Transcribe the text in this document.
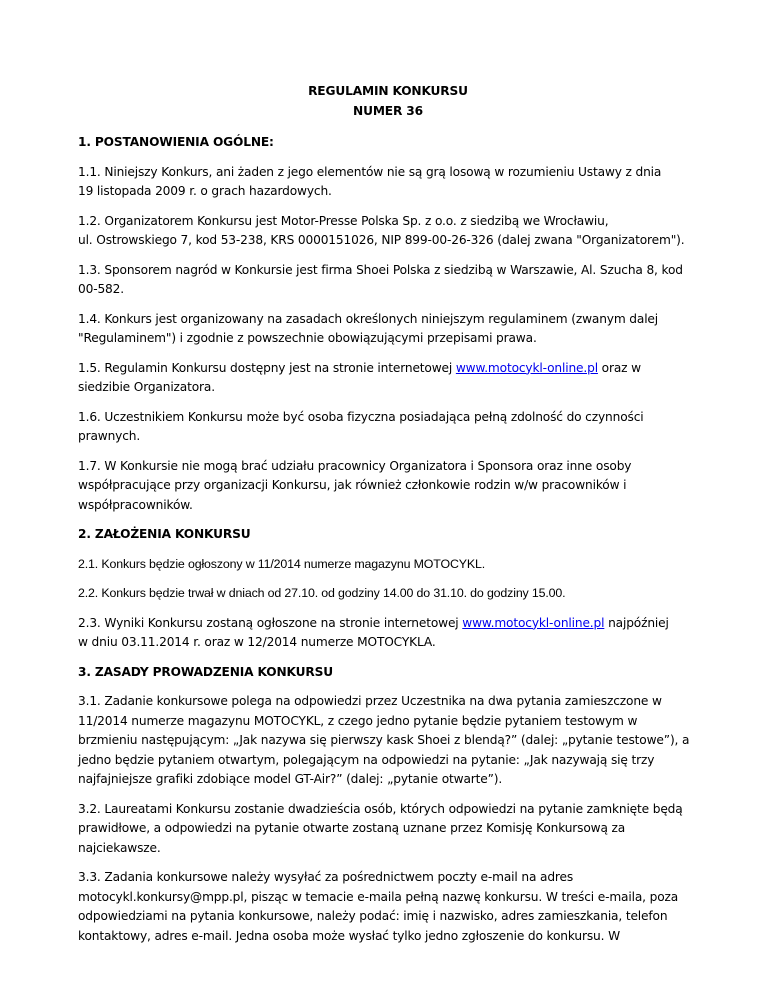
REGULAMIN KONKURSU

NUMER 36

1. POSTANOWIENIA OGÓLNE:

1.1. Niniejszy Konkurs, ani żaden z jego elementów nie są grą losową w rozumieniu Ustawy z dnia
19 listopada 2009 r. o grach hazardowych.

1.2. Organizatorem Konkursu jest Motor-Presse Polska Sp. z o.o. z siedzibą we Wrocławiu,
ul. Ostrowskiego 7, kod 53-238, KRS 0000151026, NIP 899-00-26-326 (dalej zwana "Organizatorem").

1.3. Sponsorem nagród w Konkursie jest firma Shoei Polska z siedzibą w Warszawie, Al. Szucha 8, kod
00-582.

1.4. Konkurs jest organizowany na zasadach określonych niniejszym regulaminem (zwanym dalej
"Regulaminem") i zgodnie z powszechnie obowiązującymi przepisami prawa.

1.5. Regulamin Konkursu dostępny jest na stronie internetowej www.motocykl-online.pl oraz w
siedzibie Organizatora.

1.6. Uczestnikiem Konkursu może być osoba fizyczna posiadająca pełną zdolność do czynności
prawnych.

1.7. W Konkursie nie mogą brać udziału pracownicy Organizatora i Sponsora oraz inne osoby
współpracujące przy organizacji Konkursu, jak również członkowie rodzin w/w pracowników i
współpracowników.

2. ZAŁOŻENIA KONKURSU

2.1. Konkurs będzie ogłoszony w 11/2014 numerze magazynu MOTOCYKL.

2.2. Konkurs będzie trwał w dniach od 27.10. od godziny 14.00 do 31.10. do godziny 15.00.

2.3. Wyniki Konkursu zostaną ogłoszone na stronie internetowej www.motocykl-online.pl najpóźniej
w dniu 03.11.2014 r. oraz w 12/2014 numerze MOTOCYKLA.

3. ZASADY PROWADZENIA KONKURSU

3.1. Zadanie konkursowe polega na odpowiedzi przez Uczestnika na dwa pytania zamieszczone w
11/2014 numerze magazynu MOTOCYKL, z czego jedno pytanie będzie pytaniem testowym w
brzmieniu następującym: „Jak nazywa się pierwszy kask Shoei z blendą?” (dalej: „pytanie testowe”), a
jedno będzie pytaniem otwartym, polegającym na odpowiedzi na pytanie: „Jak nazywają się trzy
najfajniejsze grafiki zdobiące model GT-Air?” (dalej: „pytanie otwarte”).

3.2. Laureatami Konkursu zostanie dwadzieścia osób, których odpowiedzi na pytanie zamknięte będą
prawidłowe, a odpowiedzi na pytanie otwarte zostaną uznane przez Komisję Konkursową za
najciekawsze.

3.3. Zadania konkursowe należy wysyłać za pośrednictwem poczty e-mail na adres
motocykl.konkursy@mpp.pl, pisząc w temacie e-maila pełną nazwę konkursu. W treści e-maila, poza
odpowiedziami na pytania konkursowe, należy podać: imię i nazwisko, adres zamieszkania, telefon
kontaktowy, adres e-mail. Jedna osoba może wysłać tylko jedno zgłoszenie do konkursu. W
